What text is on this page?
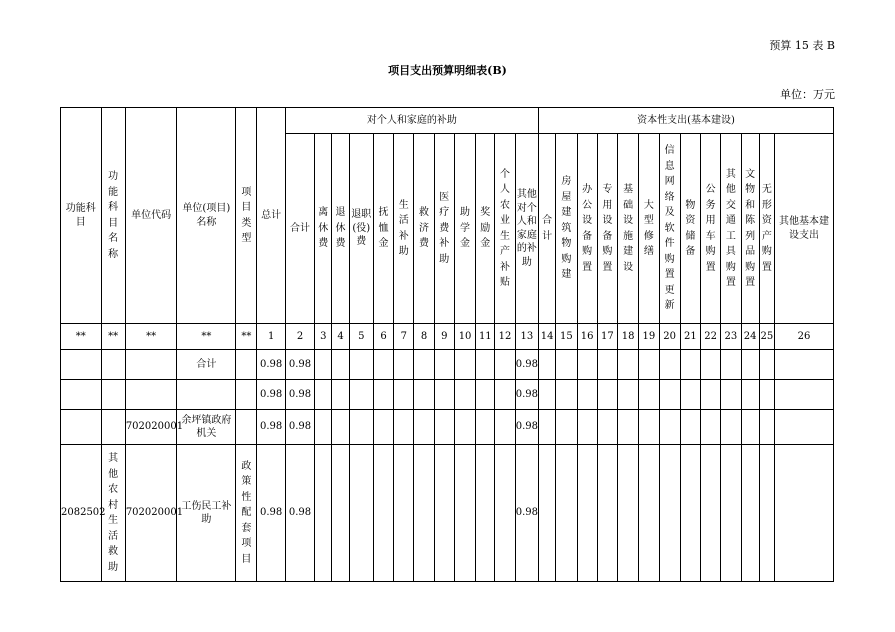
预算 15 表 B
项目支出预算明细表(B)
单位：万元
功能科目	功能科目名称	单位代码	单位(项目)名称	项目类型	总计	对个人和家庭的补助												资本性支出(基本建设)												
						合计	离休费	退休费	退职(役)费	抚恤金	生活补助	救济费	医疗费补助	助学金	奖励金	个人农业生产补贴	其他对个人和家庭的补助	合计	房屋建筑物购建	办公设备购置	专用设备购置	基础设施建设	大型修缮	信息网络及软件购置更新	物资储备	公务用车购置	其他交通工具购置	文物和陈列品购置	无形资产购置	其他基本建设支出
**	**	**	**	**	1	2	3	4	5	6	7	8	9	10	11	12	13	14	15	16	17	18	19	20	21	22	23	24	25	26
			合计		0.98	0.98											0.98													
					0.98	0.98											0.98													
		702020001	余坪镇政府机关		0.98	0.98											0.98													
2082502	其他农村生活救助	702020001	工伤民工补助	政策性配套项目	0.98	0.98											0.98													
